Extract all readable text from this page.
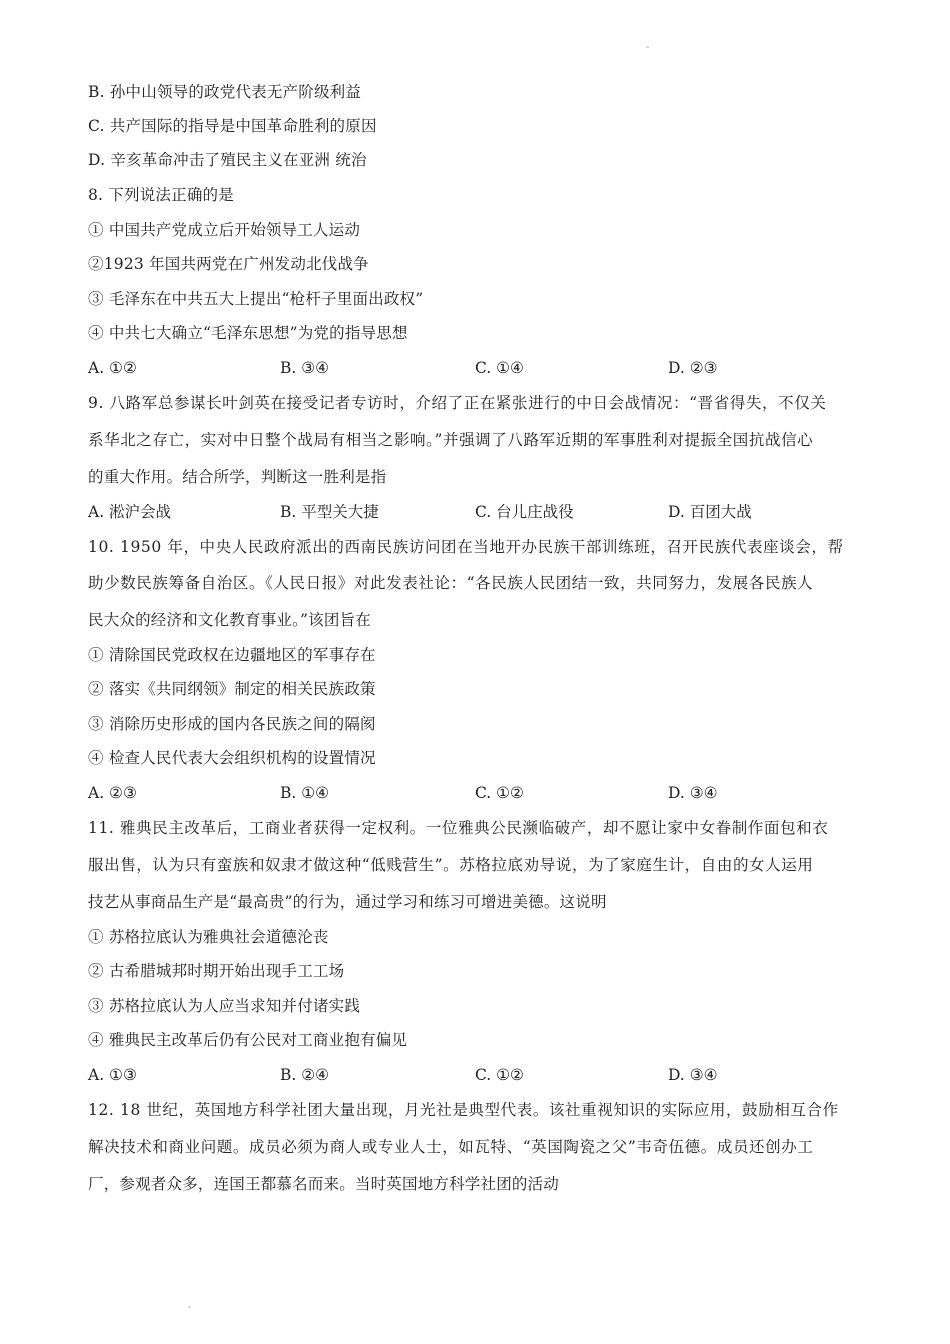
B. 孙中山领导的政党代表无产阶级利益
C. 共产国际的指导是中国革命胜利的原因
D. 辛亥革命冲击了殖民主义在亚洲 统治
8. 下列说法正确的是
① 中国共产党成立后开始领导工人运动
②1923 年国共两党在广州发动北伐战争
③ 毛泽东在中共五大上提出“枪杆子里面出政权”
④ 中共七大确立“毛泽东思想”为党的指导思想
A. ①②	B. ③④	C. ①④	D. ②③
9. 八路军总参谋长叶剑英在接受记者专访时，介绍了正在紧张进行的中日会战情况：“晋省得失，不仅关
系华北之存亡，实对中日整个战局有相当之影响。”并强调了八路军近期的军事胜利对提振全国抗战信心
的重大作用。结合所学，判断这一胜利是指
A. 淞沪会战	B. 平型关大捷	C. 台儿庄战役	D. 百团大战
10. 1950 年，中央人民政府派出的西南民族访问团在当地开办民族干部训练班，召开民族代表座谈会，帮
助少数民族筹备自治区。《人民日报》对此发表社论：“各民族人民团结一致，共同努力，发展各民族人
民大众的经济和文化教育事业。”该团旨在
① 清除国民党政权在边疆地区的军事存在
② 落实《共同纲领》制定的相关民族政策
③ 消除历史形成的国内各民族之间的隔阂
④ 检查人民代表大会组织机构的设置情况
A. ②③	B. ①④	C. ①②	D. ③④
11. 雅典民主改革后，工商业者获得一定权利。一位雅典公民濒临破产，却不愿让家中女眷制作面包和衣
服出售，认为只有蛮族和奴隶才做这种“低贱营生”。苏格拉底劝导说，为了家庭生计，自由的女人运用
技艺从事商品生产是“最高贵”的行为，通过学习和练习可增进美德。这说明
① 苏格拉底认为雅典社会道德沦丧
② 古希腊城邦时期开始出现手工工场
③ 苏格拉底认为人应当求知并付诸实践
④ 雅典民主改革后仍有公民对工商业抱有偏见
A. ①③	B. ②④	C. ①②	D. ③④
12. 18 世纪，英国地方科学社团大量出现，月光社是典型代表。该社重视知识的实际应用，鼓励相互合作
解决技术和商业问题。成员必须为商人或专业人士，如瓦特、“英国陶瓷之父”韦奇伍德。成员还创办工
厂，参观者众多，连国王都慕名而来。当时英国地方科学社团的活动
